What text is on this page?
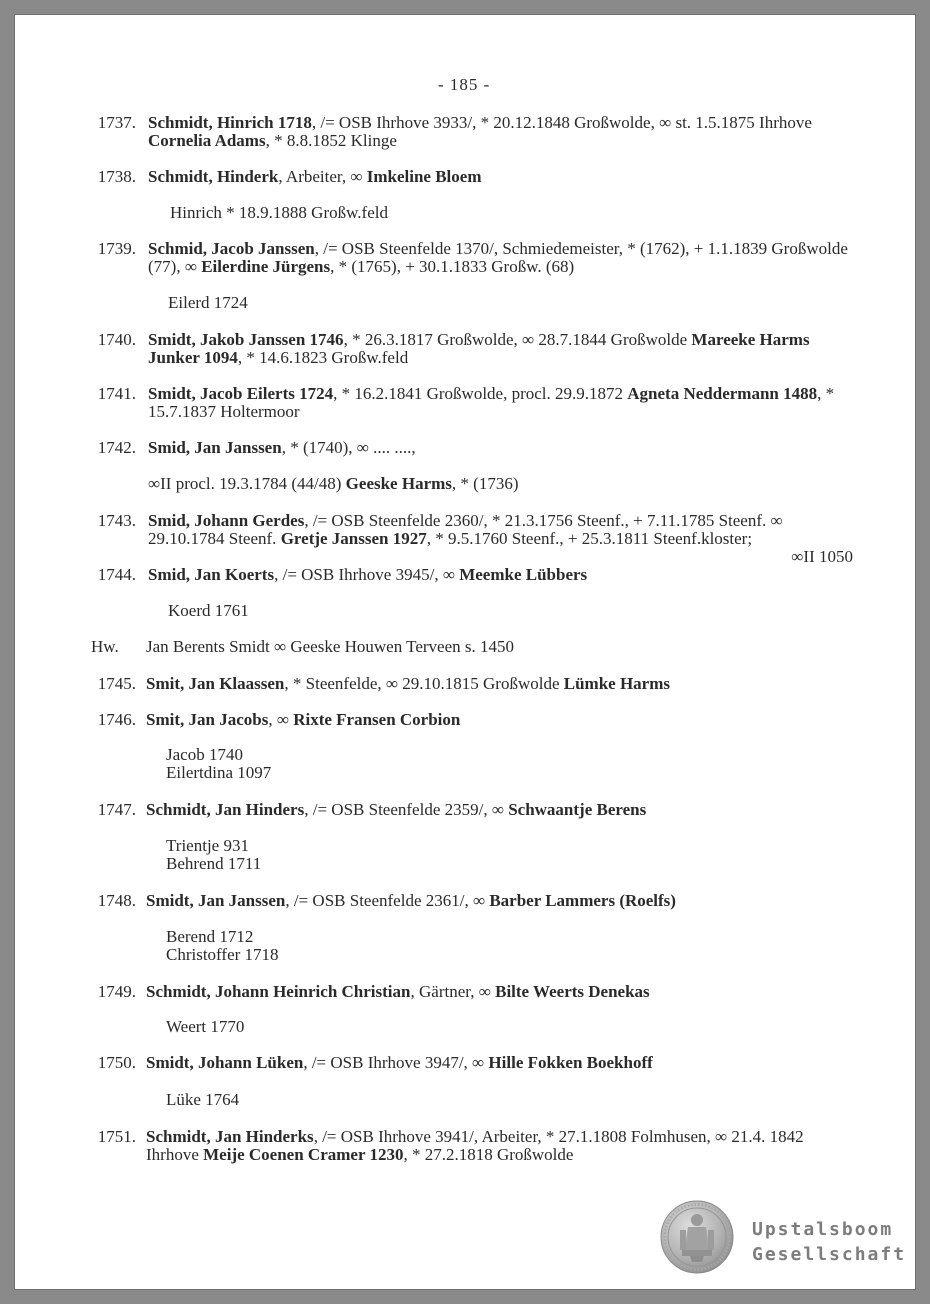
- 185 -
1737. Schmidt, Hinrich 1718, /= OSB Ihrhove 3933/, * 20.12.1848 Großwolde, ∞ st. 1.5.1875 Ihrhove Cornelia Adams, * 8.8.1852 Klinge
1738. Schmidt, Hinderk, Arbeiter, ∞ Imkeline Bloem
Hinrich * 18.9.1888 Großw.feld
1739. Schmid, Jacob Janssen, /= OSB Steenfelde 1370/, Schmiedemeister, * (1762), + 1.1.1839 Großwolde (77), ∞ Eilerdine Jürgens, * (1765), + 30.1.1833 Großw. (68)
Eilerd 1724
1740. Smidt, Jakob Janssen 1746, * 26.3.1817 Großwolde, ∞ 28.7.1844 Großwolde Mareeke Harms Junker 1094, * 14.6.1823 Großw.feld
1741. Smidt, Jacob Eilerts 1724, * 16.2.1841 Großwolde, procl. 29.9.1872 Agneta Neddermann 1488, * 15.7.1837 Holtermoor
1742. Smid, Jan Janssen, * (1740), ∞ .... ....,
∞II procl. 19.3.1784 (44/48) Geeske Harms, * (1736)
1743. Smid, Johann Gerdes, /= OSB Steenfelde 2360/, * 21.3.1756 Steenf., + 7.11.1785 Steenf. ∞ 29.10.1784 Steenf. Gretje Janssen 1927, * 9.5.1760 Steenf., + 25.3.1811 Steenf.kloster;
∞II 1050
1744. Smid, Jan Koerts, /= OSB Ihrhove 3945/, ∞ Meemke Lübbers
Koerd 1761
Hw.	Jan Berents Smidt ∞ Geeske Houwen Terveen s. 1450
1745. Smit, Jan Klaassen, * Steenfelde, ∞ 29.10.1815 Großwolde Lümke Harms
1746. Smit, Jan Jacobs, ∞ Rixte Fransen Corbion
Jacob 1740
Eilertdina 1097
1747. Schmidt, Jan Hinders, /= OSB Steenfelde 2359/, ∞ Schwaantje Berens
Trientje 931
Behrend 1711
1748. Smidt, Jan Janssen, /= OSB Steenfelde 2361/, ∞ Barber Lammers (Roelfs)
Berend 1712
Christoffer 1718
1749. Schmidt, Johann Heinrich Christian, Gärtner, ∞ Bilte Weerts Denekas
Weert 1770
1750. Smidt, Johann Lüken, /= OSB Ihrhove 3947/, ∞ Hille Fokken Boekhoff
Lüke 1764
1751. Schmidt, Jan Hinderks, /= OSB Ihrhove 3941/, Arbeiter, * 27.1.1808 Folmhusen, ∞ 21.4. 1842 Ihrhove Meije Coenen Cramer 1230, * 27.2.1818 Großwolde
Upstalsboom
Gesellschaft
